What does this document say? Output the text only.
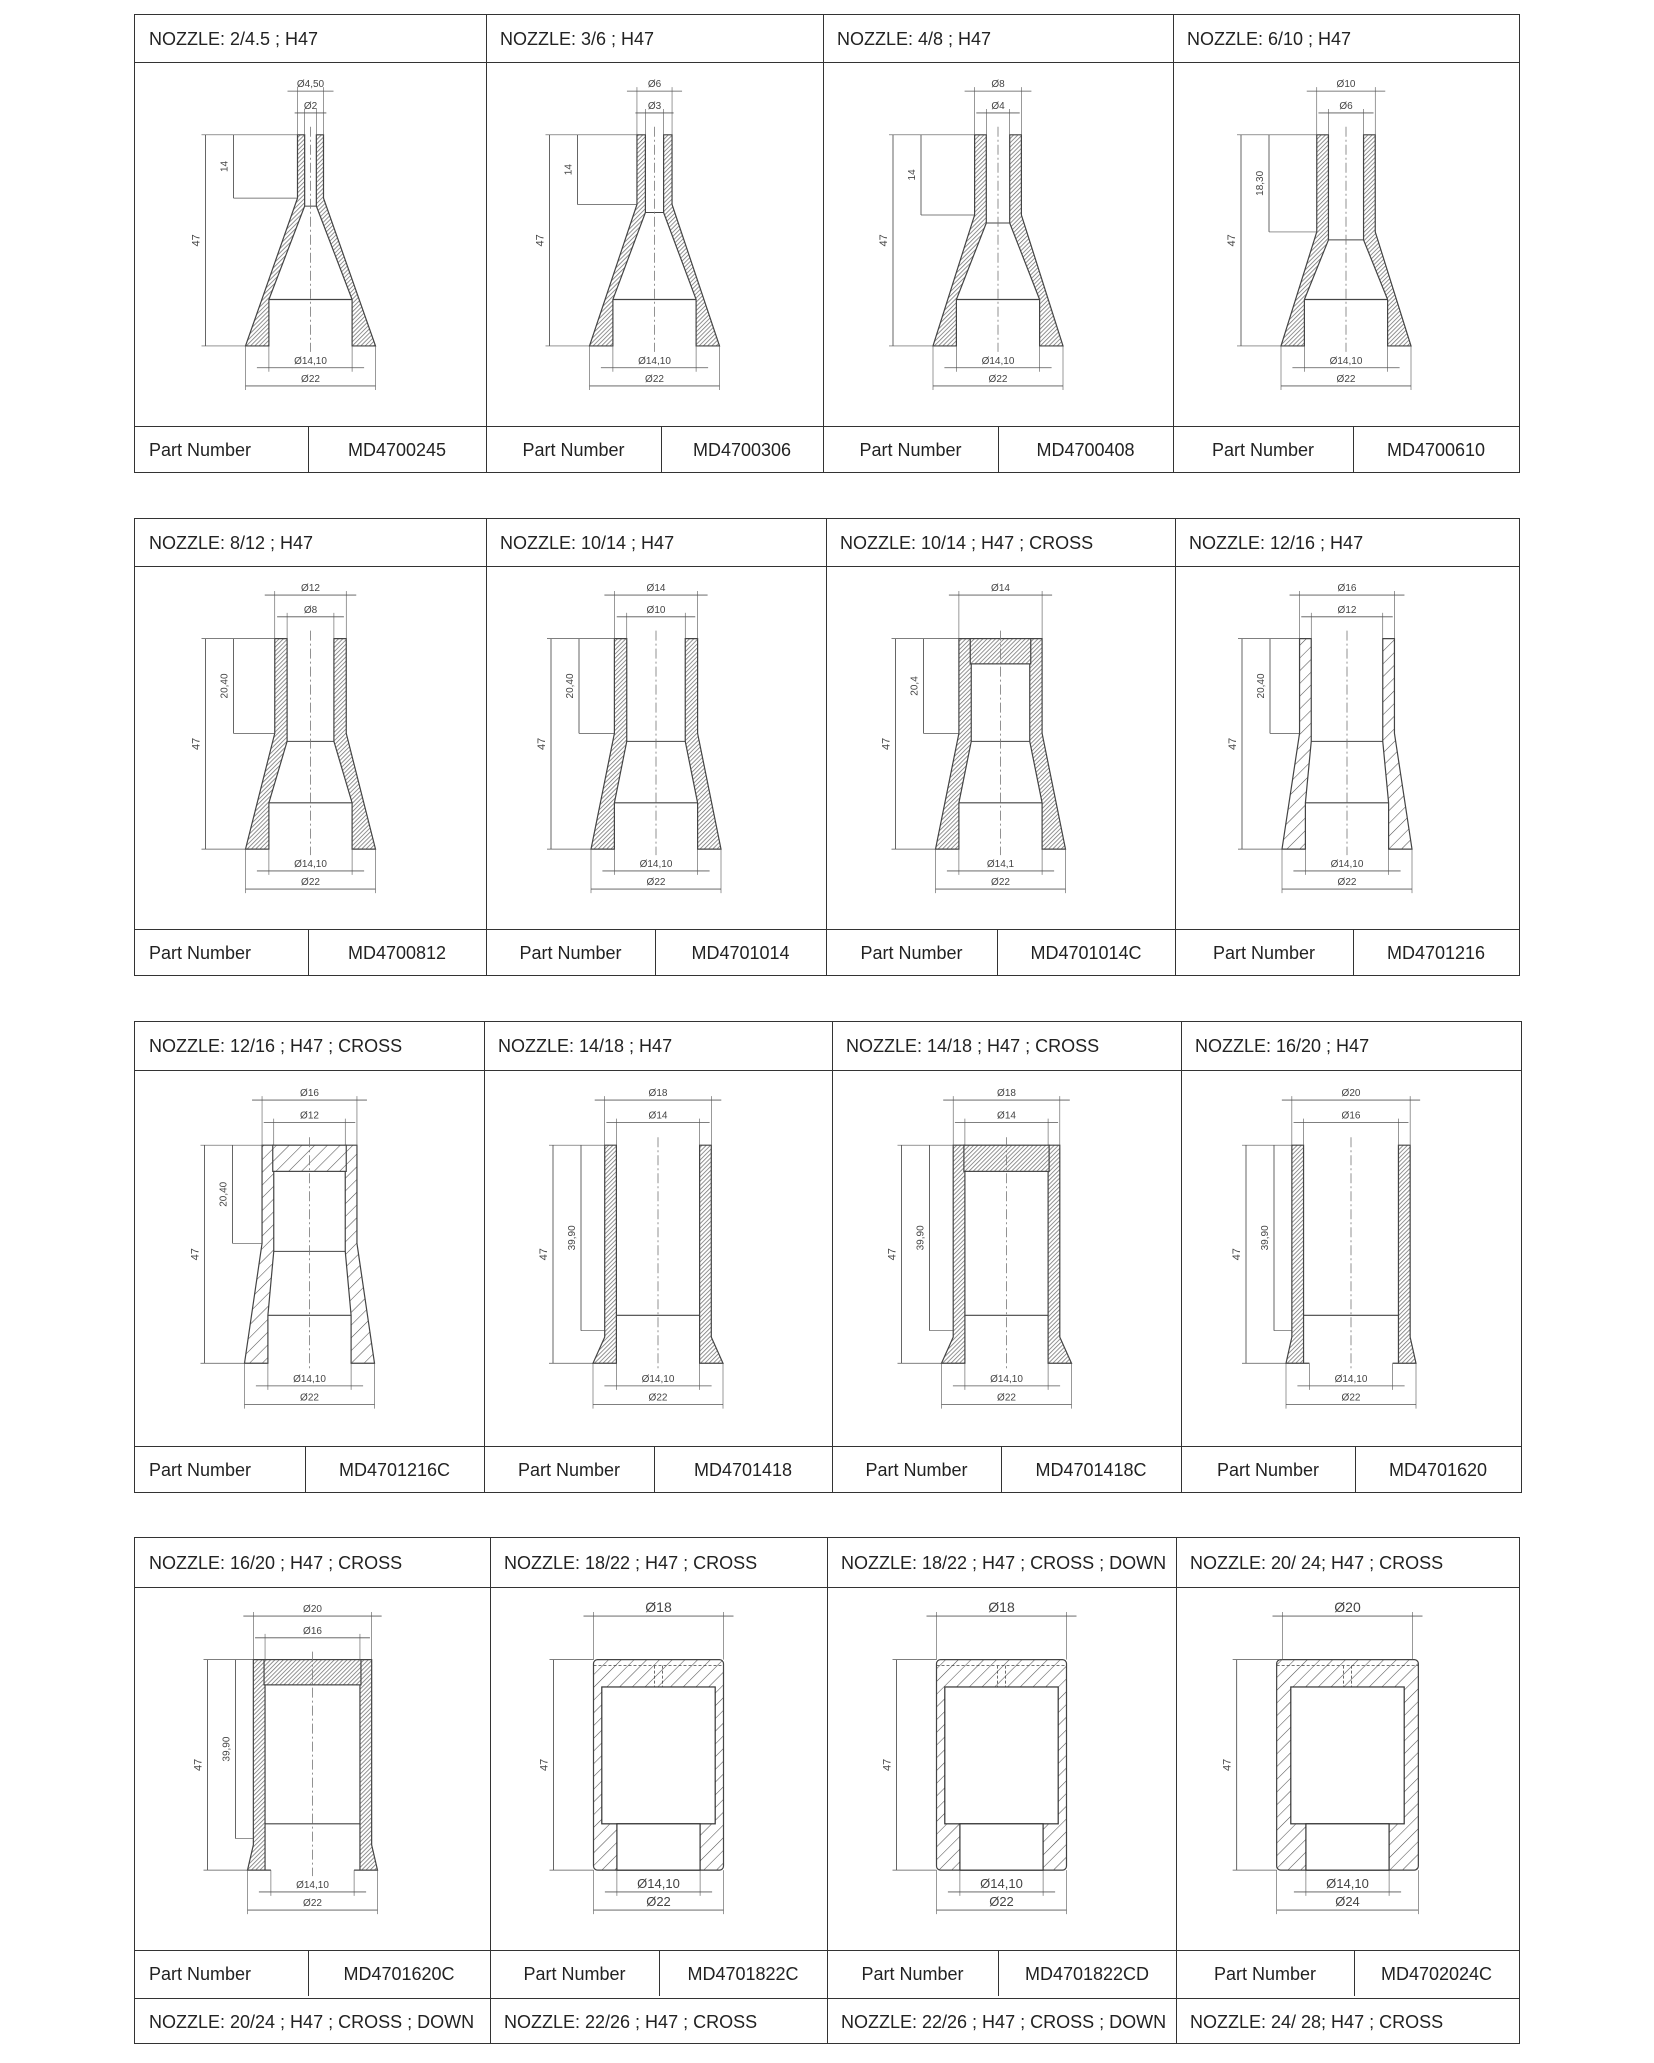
NOZZLE: 2/4.5 ; H47	NOZZLE: 3/6 ; H47	NOZZLE: 4/8 ; H47	NOZZLE: 6/10 ; H47
47
14
Ø4,50
Ø2
Ø14,10
Ø22
47
14
Ø6
Ø3
Ø14,10
Ø22
47
14
Ø8
Ø4
Ø14,10
Ø22
47
18,30
Ø10
Ø6
Ø14,10
Ø22
Part Number	MD4700245	Part Number	MD4700306	Part Number	MD4700408	Part Number	MD4700610
NOZZLE: 8/12 ; H47	NOZZLE: 10/14 ; H47	NOZZLE: 10/14 ; H47 ; CROSS	NOZZLE: 12/16 ; H47
47
20,40
Ø12
Ø8
Ø14,10
Ø22
47
20,40
Ø14
Ø10
Ø14,10
Ø22
47
20,4
Ø14
Ø14,1
Ø22
47
20,40
Ø16
Ø12
Ø14,10
Ø22
Part Number	MD4700812	Part Number	MD4701014	Part Number	MD4701014C	Part Number	MD4701216
NOZZLE: 12/16 ; H47 ; CROSS	NOZZLE: 14/18 ; H47	NOZZLE: 14/18 ; H47 ; CROSS	NOZZLE: 16/20 ; H47
47
20,40
Ø16
Ø12
Ø14,10
Ø22
47
39,90
Ø18
Ø14
Ø14,10
Ø22
47
39,90
Ø18
Ø14
Ø14,10
Ø22
47
39,90
Ø20
Ø16
Ø14,10
Ø22
Part Number	MD4701216C	Part Number	MD4701418	Part Number	MD4701418C	Part Number	MD4701620
NOZZLE: 16/20 ; H47 ; CROSS	NOZZLE: 18/22 ; H47 ; CROSS	NOZZLE: 18/22 ; H47 ; CROSS ; DOWN	NOZZLE: 20/ 24; H47 ; CROSS
47
39,90
Ø20
Ø16
Ø14,10
Ø22
47
Ø18
Ø14,10
Ø22
47
Ø18
Ø14,10
Ø22
47
Ø20
Ø14,10
Ø24
Part Number	MD4701620C	Part Number	MD4701822C	Part Number	MD4701822CD	Part Number	MD4702024C
NOZZLE: 20/24 ; H47 ; CROSS ; DOWN	NOZZLE: 22/26 ; H47 ; CROSS	NOZZLE: 22/26 ; H47 ; CROSS ; DOWN	NOZZLE: 24/ 28; H47 ; CROSS
